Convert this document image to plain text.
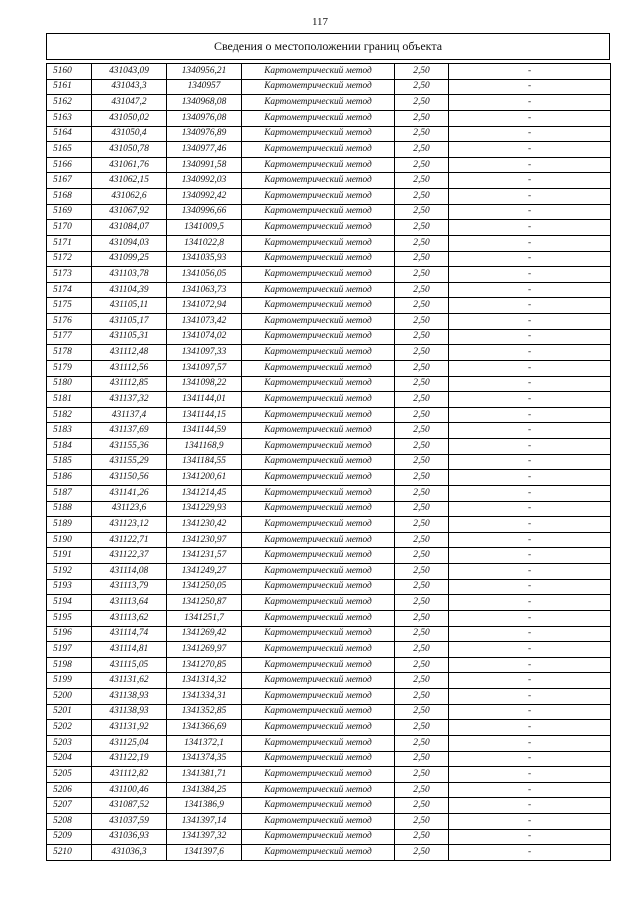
117
Сведения о местоположении границ объекта
5160	431043,09	1340956,21	Картометрический метод	2,50	-
5161	431043,3	1340957	Картометрический метод	2,50	-
5162	431047,2	1340968,08	Картометрический метод	2,50	-
5163	431050,02	1340976,08	Картометрический метод	2,50	-
5164	431050,4	1340976,89	Картометрический метод	2,50	-
5165	431050,78	1340977,46	Картометрический метод	2,50	-
5166	431061,76	1340991,58	Картометрический метод	2,50	-
5167	431062,15	1340992,03	Картометрический метод	2,50	-
5168	431062,6	1340992,42	Картометрический метод	2,50	-
5169	431067,92	1340996,66	Картометрический метод	2,50	-
5170	431084,07	1341009,5	Картометрический метод	2,50	-
5171	431094,03	1341022,8	Картометрический метод	2,50	-
5172	431099,25	1341035,93	Картометрический метод	2,50	-
5173	431103,78	1341056,05	Картометрический метод	2,50	-
5174	431104,39	1341063,73	Картометрический метод	2,50	-
5175	431105,11	1341072,94	Картометрический метод	2,50	-
5176	431105,17	1341073,42	Картометрический метод	2,50	-
5177	431105,31	1341074,02	Картометрический метод	2,50	-
5178	431112,48	1341097,33	Картометрический метод	2,50	-
5179	431112,56	1341097,57	Картометрический метод	2,50	-
5180	431112,85	1341098,22	Картометрический метод	2,50	-
5181	431137,32	1341144,01	Картометрический метод	2,50	-
5182	431137,4	1341144,15	Картометрический метод	2,50	-
5183	431137,69	1341144,59	Картометрический метод	2,50	-
5184	431155,36	1341168,9	Картометрический метод	2,50	-
5185	431155,29	1341184,55	Картометрический метод	2,50	-
5186	431150,56	1341200,61	Картометрический метод	2,50	-
5187	431141,26	1341214,45	Картометрический метод	2,50	-
5188	431123,6	1341229,93	Картометрический метод	2,50	-
5189	431123,12	1341230,42	Картометрический метод	2,50	-
5190	431122,71	1341230,97	Картометрический метод	2,50	-
5191	431122,37	1341231,57	Картометрический метод	2,50	-
5192	431114,08	1341249,27	Картометрический метод	2,50	-
5193	431113,79	1341250,05	Картометрический метод	2,50	-
5194	431113,64	1341250,87	Картометрический метод	2,50	-
5195	431113,62	1341251,7	Картометрический метод	2,50	-
5196	431114,74	1341269,42	Картометрический метод	2,50	-
5197	431114,81	1341269,97	Картометрический метод	2,50	-
5198	431115,05	1341270,85	Картометрический метод	2,50	-
5199	431131,62	1341314,32	Картометрический метод	2,50	-
5200	431138,93	1341334,31	Картометрический метод	2,50	-
5201	431138,93	1341352,85	Картометрический метод	2,50	-
5202	431131,92	1341366,69	Картометрический метод	2,50	-
5203	431125,04	1341372,1	Картометрический метод	2,50	-
5204	431122,19	1341374,35	Картометрический метод	2,50	-
5205	431112,82	1341381,71	Картометрический метод	2,50	-
5206	431100,46	1341384,25	Картометрический метод	2,50	-
5207	431087,52	1341386,9	Картометрический метод	2,50	-
5208	431037,59	1341397,14	Картометрический метод	2,50	-
5209	431036,93	1341397,32	Картометрический метод	2,50	-
5210	431036,3	1341397,6	Картометрический метод	2,50	-
